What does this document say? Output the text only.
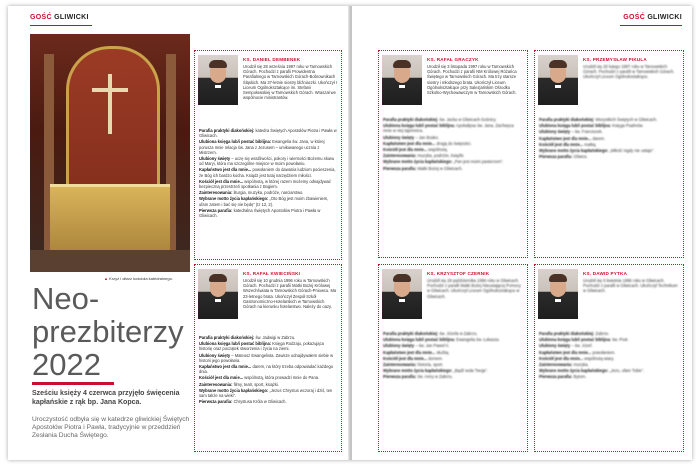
GOŚĆ GLIWICKI
▲ Krzyż i ołtarz kościoła katedralnego.
Neo-prezbiterzy 2022
Sześciu księży 4 czerwca przyjęło święcenia kapłańskie z rąk bp. Jana Kopca.
Uroczystość odbyła się w katedrze gliwickiej Świętych Apostołów Piotra i Pawła, tradycyjnie w przeddzień Zesłania Ducha Świętego.
KS. DANIEL DEMBENEK
Urodził się 28 września 1997 roku w Tarnowskich Górach. Pochodzi z parafii Prowidentna Parafialnego w Tarnowskich Górach-Bobrownikach Śląskich. Ma 37-letnie siostry bliźniaczki. Ukończył I Liceum Ogólnokształcące im. Stefanii Sempołowskiej w Tarnowskich Górach. Wraszał we wspólnocie ministrantów.

Parafia praktyki diakońskiej: katedra Świętych Apostołów Piotra i Pawła w Gliwicach.

Ulubiona księga lub/i postać biblijna: Ewangelia św. Jana, w której porusza mnie relacja św. Jana z Jezusem – umiłowanego ucznia z Mistrzem.

Ulubiony święty – uczę się wrażliwości, pokory i wierności Bożemu słowu od Maryi, która ma szczególne miejsce w moim powołaniu.

Kapłaństwo jest dla mnie... powołaniem do dawania ludziom pocieszenia, że Bóg ich bardzo kocha. Ksiądz jest tutaj narzędziem miłości.

Kościół jest dla mnie... wspólnotą, w której razem możemy odnajdywać bezpieczną przestrzeń spotkania z Bogiem.

Zainteresowania: liturgia, muzyka, podróże, narciarstwo.

Wybrane motto życia kapłańskiego: „Oto Bóg jest moim zbawieniem, ufam zatem i bać się nie będę” (Iz 12, 2).

Pierwsza parafia: katedralna Świętych Apostołów Piotra i Pawła w Gliwicach.

KS. RAFAŁ KWIECIŃSKI
Urodził się 10 grudnia 1996 roku w Tarnowskich Górach. Pochodzi z parafii Matki Bożej Królowej Wszechświata w Tarnowskich Górach-Pniowcu. Ma 23-letnego brata. Ukończył Zespół Szkół Gastronomiczno-Hotelarskich w Tarnowskich Górach na kierunku hotelarstwo. Należy do oazy.

Parafia praktyki diakońskiej: św. Jadwigi w Zabrzu.

Ulubiona księga lub/i postać biblijna: Księga Rodzaju, pokazująca historię oraz początek stworzenia i życia na ziemi.

Ulubiony święty – Mateusz Ewangelista. Zawsze odnajdywałem siebie w historii jego powołania.

Kapłaństwo jest dla mnie... darem, na który trzeba odpowiadać każdego dnia.

Kościół jest dla mnie... wspólnotą, która prowadzi mnie do Pana.

Zainteresowania: filmy, teatr, sport, książki.

Wybrane motto życia kapłańskiego: „Jezus Chrystus wczoraj i dziś, ten sam także na wieki”.

Pierwsza parafia: Chrystusa Króla w Gliwicach.

GOŚĆ GLIWICKI
KS. RAFAŁ GRACZYK
Urodził się 3 listopada 1997 roku w Tarnowskich Górach. Pochodzi z parafii NM Królowej Różańca Świętego w Tarnowskich Górach. Ma trzy starsze siostry i młodszego brata. Ukończył Liceum Ogólnokształcące przy Salezjańskim Ośrodku Szkolno-Wychowawczym w Tarnowskich Górach.

Parafia praktyki diakońskiej: św. Jacka w Gliwicach-Sośnicy.

Ulubiona księga lub/i postać biblijna: Apokalipsa św. Jana. Zachwyca mnie w niej tajemnica.

Ulubiony święty – Jan Bosko.

Kapłaństwo jest dla mnie... drogą do świętości.

Kościół jest dla mnie... wspólnotą.

Zainteresowania: muzyka, podróże, książki.

Wybrane motto życia kapłańskiego: „Pan jest moim pasterzem”.

Pierwsza parafia: Matki Bożej w Gliwicach.

KS. KRZYSZTOF CZERNIK
Urodził się 29 października 1996 roku w Gliwicach. Pochodzi z parafii Matki Bożej Nieustającej Pomocy w Gliwicach. Ukończył Liceum Ogólnokształcące w Gliwicach.

Parafia praktyki diakońskiej: św. Józefa w Zabrzu.

Ulubiona księga lub/i postać biblijna: Ewangelia św. Łukasza.

Ulubiony święty – św. Jan Paweł II.

Kapłaństwo jest dla mnie... służbą.

Kościół jest dla mnie... domem.

Zainteresowania: historia, sport.

Wybrane motto życia kapłańskiego: „Bądź wola Twoja”.

Pierwsza parafia: św. Anny w Zabrzu.

KS. PRZEMYSŁAW PIKULA
Urodził się 20 lutego 1997 roku w Tarnowskich Górach. Pochodzi z parafii w Tarnowskich Górach. Ukończył Liceum Ogólnokształcące.

Parafia praktyki diakońskiej: Wszystkich Świętych w Gliwicach.

Ulubiona księga lub/i postać biblijna: Księga Psalmów.

Ulubiony święty – św. Franciszek.

Kapłaństwo jest dla mnie... darem.

Kościół jest dla mnie... matką.

Wybrane motto życia kapłańskiego: „Miłość nigdy nie ustaje”.

Pierwsza parafia: Gliwice.

KS. DAWID PYTKA
Urodził się 5 kwietnia 1996 roku w Gliwicach. Pochodzi z parafii w Gliwicach. Ukończył Technikum w Gliwicach.

Parafia praktyki diakońskiej: Zabrze.

Ulubiona księga lub/i postać biblijna: św. Piotr.

Ulubiony święty – św. Józef.

Kapłaństwo jest dla mnie... powołaniem.

Kościół jest dla mnie... wspólnotą wiary.

Zainteresowania: muzyka.

Wybrane motto życia kapłańskiego: „Jezu, ufam Tobie”.

Pierwsza parafia: Bytom.
